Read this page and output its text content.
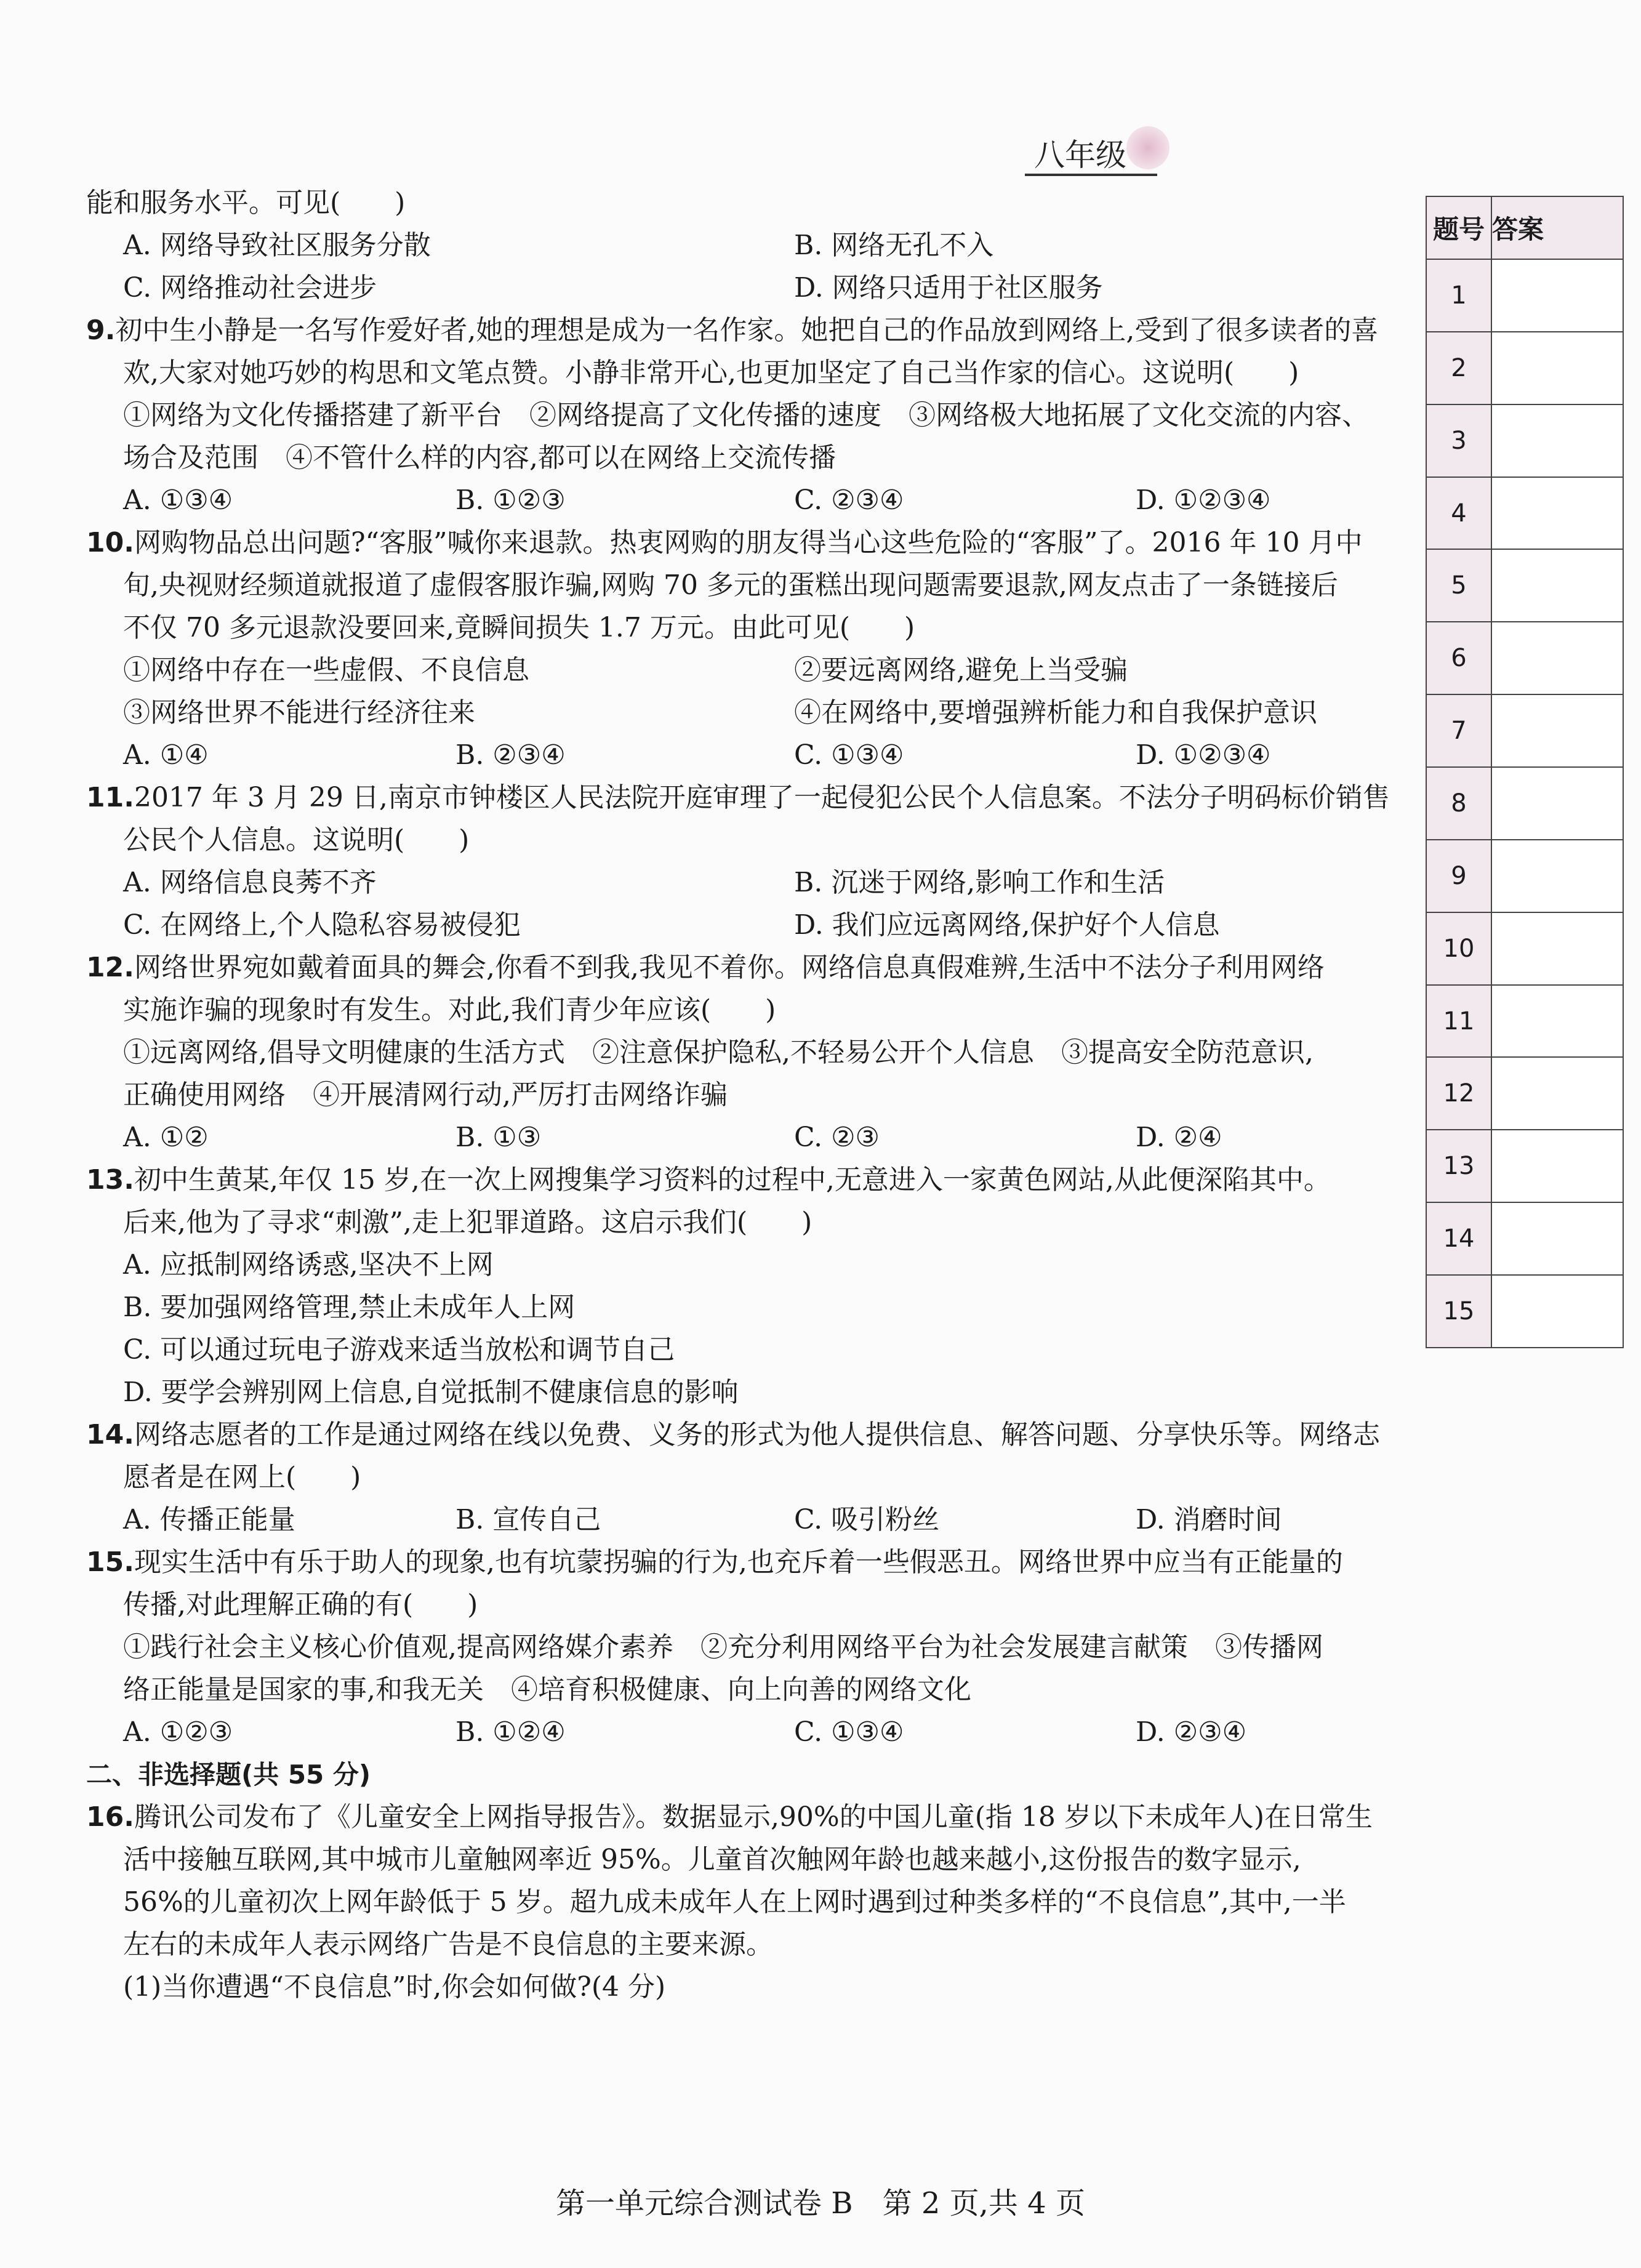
八年级
能和服务水平。可见(　　)
A. 网络导致社区服务分散	B. 网络无孔不入
C. 网络推动社会进步	D. 网络只适用于社区服务
9.初中生小静是一名写作爱好者,她的理想是成为一名作家。她把自己的作品放到网络上,受到了很多读者的喜
欢,大家对她巧妙的构思和文笔点赞。小静非常开心,也更加坚定了自己当作家的信心。这说明(　　)
①网络为文化传播搭建了新平台　②网络提高了文化传播的速度　③网络极大地拓展了文化交流的内容、
场合及范围　④不管什么样的内容,都可以在网络上交流传播
A. ①③④	B. ①②③	C. ②③④	D. ①②③④
10.网购物品总出问题?“客服”喊你来退款。热衷网购的朋友得当心这些危险的“客服”了。2016 年 10 月中
旬,央视财经频道就报道了虚假客服诈骗,网购 70 多元的蛋糕出现问题需要退款,网友点击了一条链接后
不仅 70 多元退款没要回来,竟瞬间损失 1.7 万元。由此可见(　　)
①网络中存在一些虚假、不良信息	②要远离网络,避免上当受骗
③网络世界不能进行经济往来	④在网络中,要增强辨析能力和自我保护意识
A. ①④	B. ②③④	C. ①③④	D. ①②③④
11.2017 年 3 月 29 日,南京市钟楼区人民法院开庭审理了一起侵犯公民个人信息案。不法分子明码标价销售
公民个人信息。这说明(　　)
A. 网络信息良莠不齐	B. 沉迷于网络,影响工作和生活
C. 在网络上,个人隐私容易被侵犯	D. 我们应远离网络,保护好个人信息
12.网络世界宛如戴着面具的舞会,你看不到我,我见不着你。网络信息真假难辨,生活中不法分子利用网络
实施诈骗的现象时有发生。对此,我们青少年应该(　　)
①远离网络,倡导文明健康的生活方式　②注意保护隐私,不轻易公开个人信息　③提高安全防范意识,
正确使用网络　④开展清网行动,严厉打击网络诈骗
A. ①②	B. ①③	C. ②③	D. ②④
13.初中生黄某,年仅 15 岁,在一次上网搜集学习资料的过程中,无意进入一家黄色网站,从此便深陷其中。
后来,他为了寻求“刺激”,走上犯罪道路。这启示我们(　　)
A. 应抵制网络诱惑,坚决不上网
B. 要加强网络管理,禁止未成年人上网
C. 可以通过玩电子游戏来适当放松和调节自己
D. 要学会辨别网上信息,自觉抵制不健康信息的影响
14.网络志愿者的工作是通过网络在线以免费、义务的形式为他人提供信息、解答问题、分享快乐等。网络志
愿者是在网上(　　)
A. 传播正能量	B. 宣传自己	C. 吸引粉丝	D. 消磨时间
15.现实生活中有乐于助人的现象,也有坑蒙拐骗的行为,也充斥着一些假恶丑。网络世界中应当有正能量的
传播,对此理解正确的有(　　)
①践行社会主义核心价值观,提高网络媒介素养　②充分利用网络平台为社会发展建言献策　③传播网
络正能量是国家的事,和我无关　④培育积极健康、向上向善的网络文化
A. ①②③	B. ①②④	C. ①③④	D. ②③④
二、非选择题(共 55 分)
16.腾讯公司发布了《儿童安全上网指导报告》。数据显示,90%的中国儿童(指 18 岁以下未成年人)在日常生
活中接触互联网,其中城市儿童触网率近 95%。儿童首次触网年龄也越来越小,这份报告的数字显示,
56%的儿童初次上网年龄低于 5 岁。超九成未成年人在上网时遇到过种类多样的“不良信息”,其中,一半
左右的未成年人表示网络广告是不良信息的主要来源。
(1)当你遭遇“不良信息”时,你会如何做?(4 分)
题号	答案
1	
2	
3	
4	
5	
6	
7	
8	
9	
10	
11	
12	
13	
14	
15	
第一单元综合测试卷 B　第 2 页,共 4 页
